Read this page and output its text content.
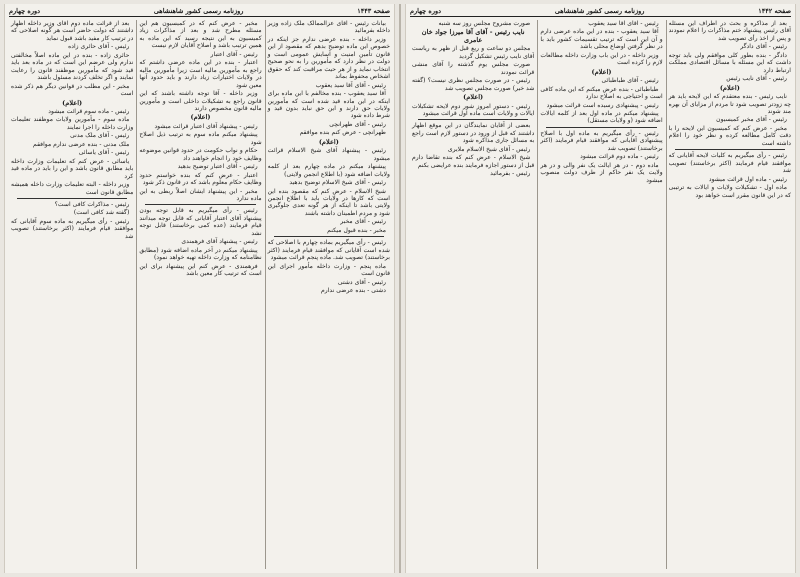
صفحه ۱۴۴۳
روزنامه رسمی کشور شاهنشاهی
دوره چهارم

بیانات رئیس - آقای عزالممالک ملک زاده وزیر داخله بفرمائید

وزیر داخله - بنده عرضی ندارم جز اینکه در خصوص این ماده توضیح بدهم که مقصود از این قانون تأمین امنیت و آسایش عمومی است و دولت در نظر دارد که مأمورین را به نحو صحیح انتخاب نماید و از هر حیث مراقبت کند که حقوق اشخاص محفوظ بماند

رئیس - آقای آقا سید یعقوب

آقا سید یعقوب - بنده مخالفم با این ماده برای اینکه در این ماده قید شده است که مأمورین ولایات حق دارند و این حق نباید بدون قید و شرط داده شود

رئیس - آقای طهرانچی

طهرانچی - عرض کنم بنده موافقم

(اعلام)

رئیس - پیشنهاد آقای شیخ الاسلام قرائت میشود

پیشنهاد میکنم در ماده چهارم بعد از کلمه ولایات اضافه شود (با اطلاع انجمن ولایتی)

رئیس - آقای شیخ الاسلام توضیح بدهید

شیخ الاسلام - عرض کنم که مقصود بنده این است که کارها در ولایات باید با اطلاع انجمن ولایتی باشد تا اینکه از هر گونه تعدی جلوگیری شود و مردم اطمینان داشته باشند

رئیس - آقای مخبر

مخبر - بنده قبول میکنم

رئیس - رأی میگیریم بماده چهارم با اصلاحی که شده است آقایانی که موافقند قیام فرمایند (اکثر برخاستند) تصویب شد. ماده پنجم قرائت میشود

ماده پنجم - وزارت داخله مأمور اجرای این قانون است

رئیس - آقای دشتی

دشتی - بنده عرضی ندارم

مخبر - عرض کنم که در کمیسیون هم این مسئله مطرح شد و بعد از مذاکرات زیاد کمیسیون به این نتیجه رسید که این ماده به همین ترتیب باشد و اصلاح آقایان لازم نیست

رئیس - آقای اعتبار

اعتبار - بنده در این ماده عرضی داشتم که راجع به مأمورین مالیه است زیرا مأمورین مالیه در ولایات اختیارات زیاد دارند و باید حدود آنها معین شود

وزیر داخله - آقا توجه داشته باشند که این قانون راجع به تشکیلات داخلی است و مأمورین مالیه قانون مخصوص دارند

(اعلام)

رئیس - پیشنهاد آقای اعتبار قرائت میشود

پیشنهاد میکنم ماده سوم به ترتیب ذیل اصلاح شود

حکام و نواب حکومت در حدود قوانین موضوعه وظایف خود را انجام خواهند داد

رئیس - آقای اعتبار توضیح بدهید

اعتبار - عرض کنم که بنده خواستم حدود وظایف حکام معلوم باشد که در قانون ذکر شود

مخبر - این پیشنهاد ایشان اصلاً ربطی به این ماده ندارد

رئیس - رأی میگیریم به قابل توجه بودن پیشنهاد آقای اعتبار آقایانی که قابل توجه میدانند قیام فرمایند (عده کمی برخاستند) قابل توجه نشد

رئیس - پیشنهاد آقای فرهمندی

پیشنهاد میکنم در آخر ماده اضافه شود (مطابق نظامنامه که وزارت داخله تهیه خواهد نمود)

فرهمندی - عرض کنم این پیشنهاد برای این است که ترتیب کار معین باشد

بعد از قرائت ماده دوم آقای وزیر داخله اظهار داشتند که دولت حاضر است هر گونه اصلاحی که در ترتیب کار مفید باشد قبول نماید

رئیس - آقای حائری زاده

حائری زاده - بنده در این ماده اصلاً مخالفتی ندارم ولی عرضم این است که در ماده بعد باید قید شود که مأمورین موظفند قانون را رعایت نمایند و اگر تخلف کردند مسئول باشند

مخبر - این مطلب در قوانین دیگر هم ذکر شده است

(اعلام)

رئیس - ماده سوم قرائت میشود

ماده سوم - مأمورین ولایات موظفند تعلیمات وزارت داخله را اجرا نمایند

رئیس - آقای ملک مدنی

ملک مدنی - بنده عرضی ندارم موافقم

رئیس - آقای یاسائی

یاسائی - عرض کنم که تعلیمات وزارت داخله باید مطابق قانون باشد و این را باید در ماده قید کرد

وزیر داخله - البته تعلیمات وزارت داخله همیشه مطابق قانون است

رئیس - مذاکرات کافی است؟

(گفته شد کافی است)

رئیس - رأی میگیریم به ماده سوم آقایانی که موافقند قیام فرمایند (اکثر برخاستند) تصویب شد

صفحه ۱۴۴۲
روزنامه رسمی کشور شاهنشاهی
دوره چهارم

بعد از مذاکره و بحث در اطراف این مسئله آقای رئیس پیشنهاد ختم مذاکرات را اعلام نمودند و پس از اخذ رأی تصویب شد

رئیس - آقای دادگر

دادگر - بنده بطور کلی موافقم ولی باید توجه داشت که این مسئله با مسائل اقتصادی مملکت ارتباط دارد

رئیس - آقای نایب رئیس

(اعلام)

نایب رئیس - بنده معتقدم که این لایحه باید هر چه زودتر تصویب شود تا مردم از مزایای آن بهره مند شوند

رئیس - آقای مخبر کمیسیون

مخبر - عرض کنم که کمیسیون این لایحه را با دقت کامل مطالعه کرده و نظر خود را اعلام داشته است

رئیس - رأی میگیریم به کلیات لایحه آقایانی که موافقند قیام فرمایند (اکثر برخاستند) تصویب شد

رئیس - ماده اول قرائت میشود

ماده اول - تشکیلات ولایات و ایالات به ترتیبی که در این قانون مقرر است خواهد بود

رئیس - آقای آقا سید یعقوب

آقا سید یعقوب - بنده در این ماده عرضی دارم و آن این است که ترتیب تقسیمات کشور باید با در نظر گرفتن اوضاع محلی باشد

وزیر داخله - در این باب وزارت داخله مطالعات لازم را کرده است

(اعلام)

رئیس - آقای طباطبائی

طباطبائی - بنده عرض میکنم که این ماده کافی است و احتیاجی به اصلاح ندارد

رئیس - پیشنهادی رسیده است قرائت میشود

پیشنهاد میکنم در ماده اول بعد از کلمه ایالات اضافه شود (و ولایات مستقل)

رئیس - رأی میگیریم به ماده اول با اصلاح پیشنهادی آقایانی که موافقند قیام فرمایند (اکثر برخاستند) تصویب شد

رئیس - ماده دوم قرائت میشود

ماده دوم - در هر ایالت یک نفر والی و در هر ولایت یک نفر حاکم از طرف دولت منصوب میشود

صورت مشروح مجلس روز سه شنبه

نایب رئیس - آقای آقا میرزا جواد خان عامری

مجلس دو ساعت و ربع قبل از ظهر به ریاست آقای نایب رئیس تشکیل گردید

صورت مجلس یوم گذشته را آقای منشی قرائت نمودند

رئیس - در صورت مجلس نظری نیست؟ (گفته شد خیر) صورت مجلس تصویب شد

(اعلام)

رئیس - دستور امروز شور دوم لایحه تشکیلات ایالات و ولایات است ماده اول قرائت میشود

بعضی از آقایان نمایندگان در این موقع اظهار داشتند که قبل از ورود در دستور لازم است راجع به مسائل جاری مذاکره شود

رئیس - آقای شیخ الاسلام ملایری

شیخ الاسلام - عرض کنم که بنده تقاضا دارم قبل از دستور اجازه فرمایند بنده عرایضی بکنم

رئیس - بفرمائید
